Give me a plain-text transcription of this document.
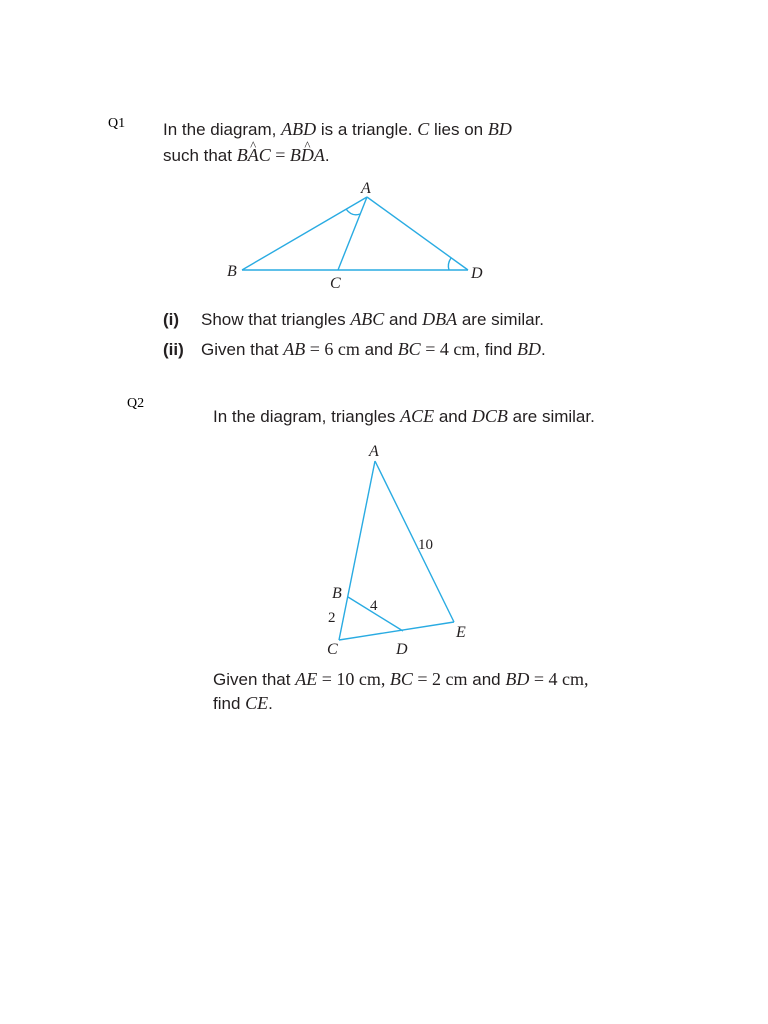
Q1 In the diagram, ABD is a triangle. C lies on BD
such that B^ AC = B^ DA.
A
B
C
D
A
B
C	D
E
10
4
2
(i) Show that triangles ABC and DBA are similar.
(ii) Given that AB = 6 cm and BC = 4 cm, find BD.
Q2
In the diagram, triangles ACE and DCB are similar.
Given that AE = 10 cm, BC = 2 cm and BD = 4 cm,
find CE.
